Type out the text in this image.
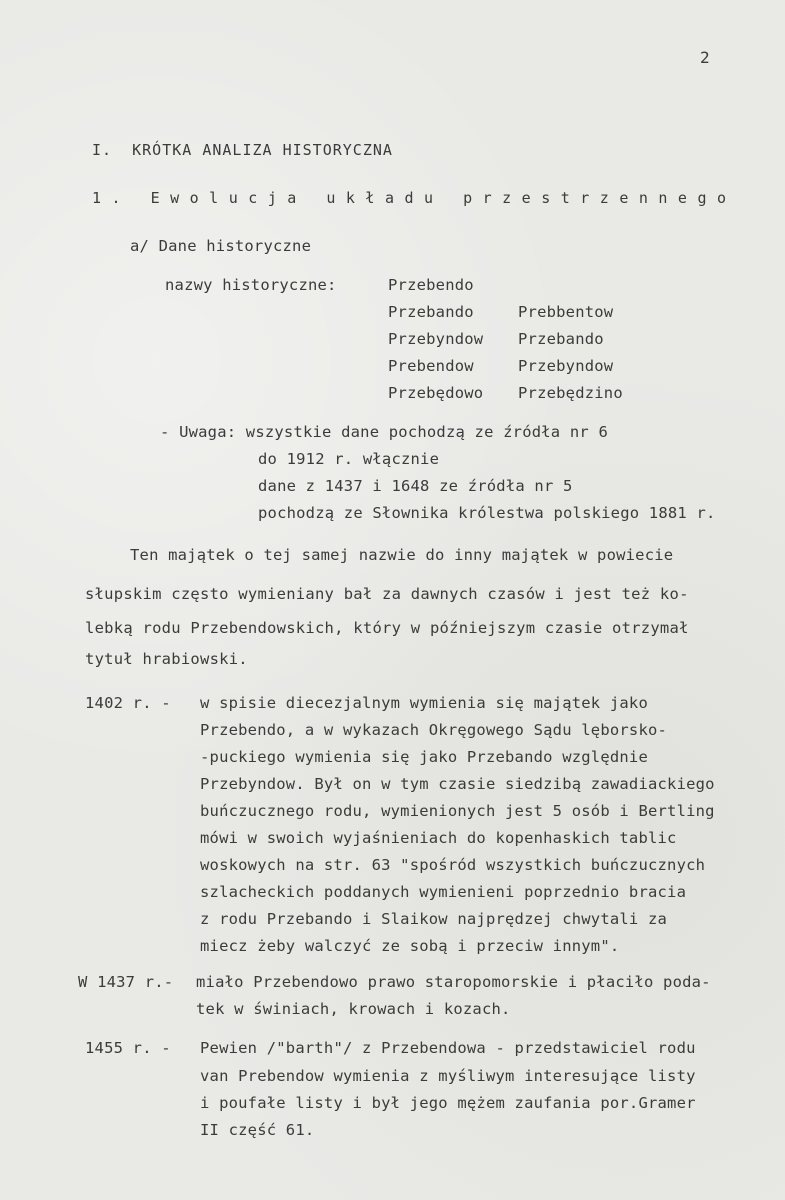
2
I.  KRÓTKA ANALIZA HISTORYCZNA
1. Ewolucja układu przestrzennego
a/ Dane historyczne
nazwy historyczne:	Przebendo
Przebando	Prebbentow
Przebyndow Przebando
Prebendow	Przebyndow
Przebędowo Przebędzino
- Uwaga: wszystkie dane pochodzą ze źródła nr 6
do 1912 r. włącznie
dane z 1437 i 1648 ze źródła nr 5
pochodzą ze Słownika królestwa polskiego 1881 r.
Ten majątek o tej samej nazwie do inny majątek w powiecie
słupskim często wymieniany bał za dawnych czasów i jest też ko-
lebką rodu Przebendowskich, który w późniejszym czasie otrzymał
tytuł hrabiowski.
1402 r. - w spisie diecezjalnym wymienia się majątek jako
Przebendo, a w wykazach Okręgowego Sądu lęborsko-
-puckiego wymienia się jako Przebando względnie
Przebyndow. Był on w tym czasie siedzibą zawadiackiego
buńczucznego rodu, wymienionych jest 5 osób i Bertling
mówi w swoich wyjaśnieniach do kopenhaskich tablic
woskowych na str. 63 "spośród wszystkich buńczucznych
szlacheckich poddanych wymienieni poprzednio bracia
z rodu Przebando i Slaikow najprędzej chwytali za
miecz żeby walczyć ze sobą i przeciw innym".
W 1437 r.- miało Przebendowo prawo staropomorskie i płaciło poda-
tek w świniach, krowach i kozach.
1455 r. - Pewien /"barth"/ z Przebendowa - przedstawiciel rodu
van Prebendow wymienia z myśliwym interesujące listy
i poufałe listy i był jego mężem zaufania por.Gramer
II część 61.
